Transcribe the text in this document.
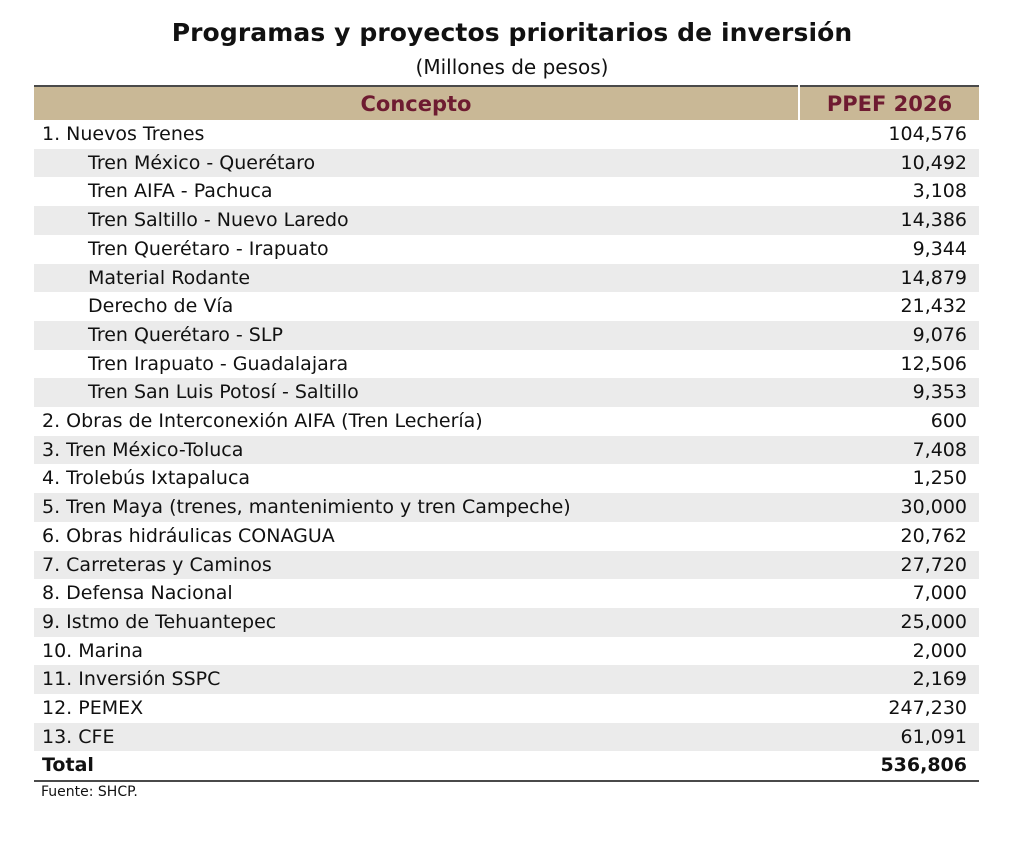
Programas y proyectos prioritarios de inversión
(Millones de pesos)
Concepto	PPEF 2026
1. Nuevos Trenes	104,576
Tren México - Querétaro	10,492
Tren AIFA - Pachuca	3,108
Tren Saltillo - Nuevo Laredo	14,386
Tren Querétaro - Irapuato	9,344
Material Rodante	14,879
Derecho de Vía	21,432
Tren Querétaro - SLP	9,076
Tren Irapuato - Guadalajara	12,506
Tren San Luis Potosí - Saltillo	9,353
2. Obras de Interconexión AIFA (Tren Lechería)	600
3. Tren México-Toluca	7,408
4. Trolebús Ixtapaluca	1,250
5. Tren Maya (trenes, mantenimiento y tren Campeche)	30,000
6. Obras hidráulicas CONAGUA	20,762
7. Carreteras y Caminos	27,720
8. Defensa Nacional	7,000
9. Istmo de Tehuantepec	25,000
10. Marina	2,000
11. Inversión SSPC	2,169
12. PEMEX	247,230
13. CFE	61,091
Total	536,806
Fuente: SHCP.
